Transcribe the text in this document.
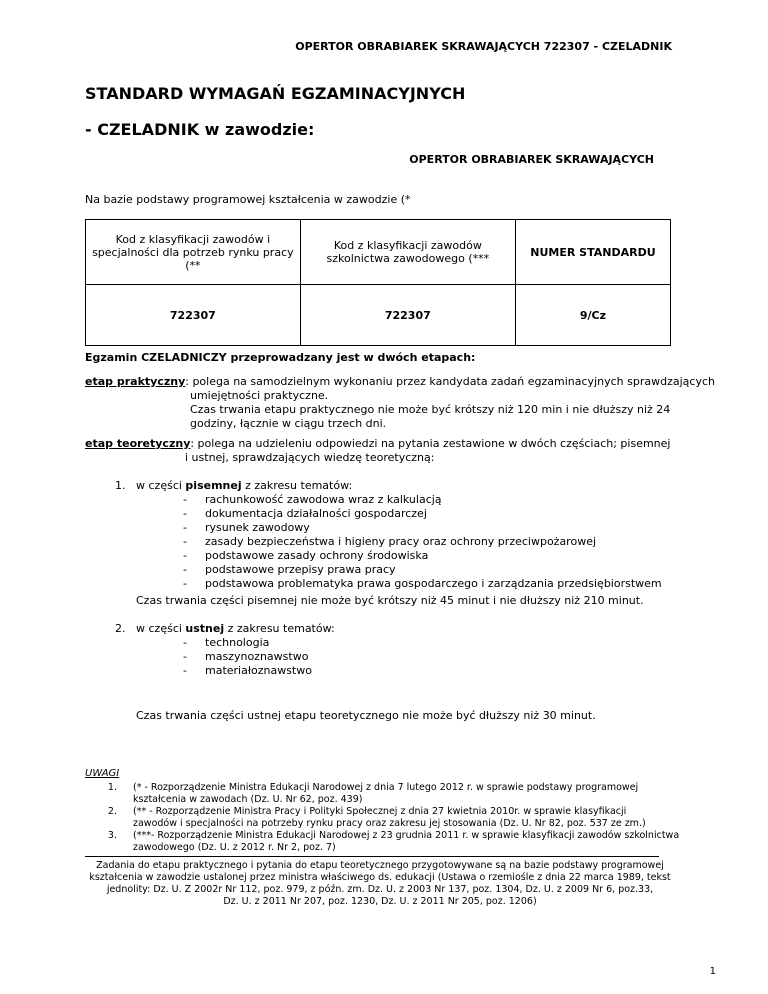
OPERTOR OBRABIAREK SKRAWAJĄCYCH 722307 - CZELADNIK
STANDARD WYMAGAŃ EGZAMINACYJNYCH
- CZELADNIK w zawodzie:
OPERTOR OBRABIAREK SKRAWAJĄCYCH
Na bazie podstawy programowej kształcenia w zawodzie (*
Kod z klasyfikacji zawodów i specjalności dla potrzeb rynku pracy (**	Kod z klasyfikacji zawodów szkolnictwa zawodowego (***	NUMER STANDARDU
722307	722307	9/Cz
Egzamin CZELADNICZY przeprowadzany jest w dwóch etapach:
etap praktyczny: polega na samodzielnym wykonaniu przez kandydata zadań egzaminacyjnych sprawdzających
umiejętności praktyczne.
Czas trwania etapu praktycznego nie może być krótszy niż 120 min i nie dłuższy niż 24
godziny, łącznie w ciągu trzech dni.
etap teoretyczny: polega na udzieleniu odpowiedzi na pytania zestawione w dwóch częściach; pisemnej
i ustnej, sprawdzających wiedzę teoretyczną:
1. w części pisemnej z zakresu tematów:
- rachunkowość zawodowa wraz z kalkulacją
- dokumentacja działalności gospodarczej
- rysunek zawodowy
- zasady bezpieczeństwa i higieny pracy oraz ochrony przeciwpożarowej
- podstawowe zasady ochrony środowiska
- podstawowe przepisy prawa pracy
- podstawowa problematyka prawa gospodarczego i zarządzania przedsiębiorstwem
Czas trwania części pisemnej nie może być krótszy niż 45 minut i nie dłuższy niż 210 minut.
2. w części ustnej z zakresu tematów:
- technologia
- maszynoznawstwo
- materiałoznawstwo
Czas trwania części ustnej etapu teoretycznego nie może być dłuższy niż 30 minut.
UWAGI
1. (* - Rozporządzenie Ministra Edukacji Narodowej z dnia 7 lutego 2012 r. w sprawie podstawy programowej
kształcenia w zawodach (Dz. U. Nr 62, poz. 439)
2. (** - Rozporządzenie Ministra Pracy i Polityki Społecznej z dnia 27 kwietnia 2010r. w sprawie klasyfikacji
zawodów i specjalności na potrzeby rynku pracy oraz zakresu jej stosowania (Dz. U. Nr 82, poz. 537 ze zm.)
3. (***- Rozporządzenie Ministra Edukacji Narodowej z 23 grudnia 2011 r. w sprawie klasyfikacji zawodów szkolnictwa
zawodowego (Dz. U. z 2012 r. Nr 2, poz. 7)
Zadania do etapu praktycznego i pytania do etapu teoretycznego przygotowywane są na bazie podstawy programowej
kształcenia w zawodzie ustalonej przez ministra właściwego ds. edukacji (Ustawa o rzemiośle z dnia 22 marca 1989, tekst
jednolity: Dz. U. Z 2002r Nr 112, poz. 979, z późn. zm. Dz. U. z 2003 Nr 137, poz. 1304, Dz. U. z 2009 Nr 6, poz.33,
Dz. U. z 2011 Nr 207, poz. 1230, Dz. U. z 2011 Nr 205, poz. 1206)
1
